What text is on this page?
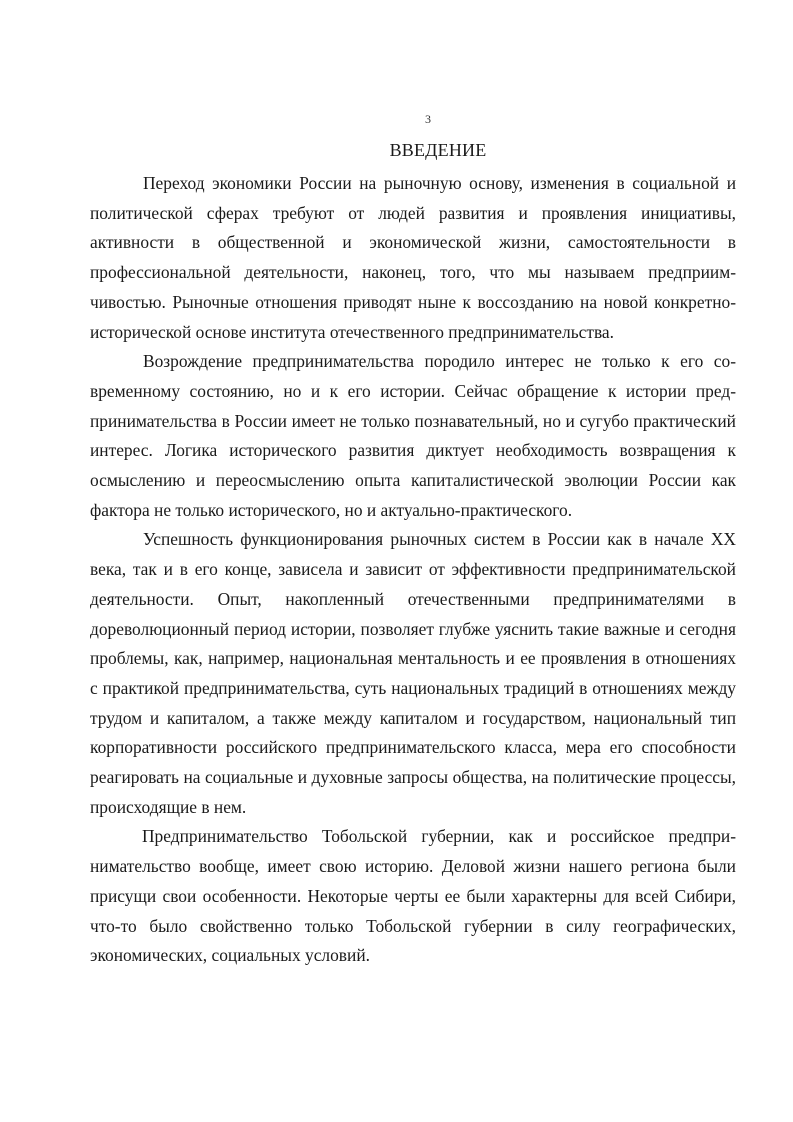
3
ВВЕДЕНИЕ

Переход экономики России на рыночную основу, изменения в социальной и политической сферах требуют от людей развития и проявления инициативы, активности в общественной и экономической жизни, самостоятельности в профессиональной деятельности, наконец, того, что мы называем предприимчивостью. Рыночные отношения приводят ныне к воссозданию на новой конкретно-исторической основе института отечественного предпринимательства.

Возрождение предпринимательства породило интерес не только к его современному состоянию, но и к его истории. Сейчас обращение к истории предпринимательства в России имеет не только познавательный, но и сугубо практический интерес. Логика исторического развития диктует необходимость возвращения к осмыслению и переосмыслению опыта капиталистической эволюции России как фактора не только исторического, но и актуально-практического.

Успешность функционирования рыночных систем в России как в начале XX века, так и в его конце, зависела и зависит от эффективности предпринимательской деятельности. Опыт, накопленный отечественными предпринимателями в дореволюционный период истории, позволяет глубже уяснить такие важные и сегодня проблемы, как, например, национальная ментальность и ее проявления в отношениях с практикой предпринимательства, суть национальных традиций в отношениях между трудом и капиталом, а также между капиталом и государством, национальный тип корпоративности российского предпринимательского класса, мера его способности реагировать на социальные и духовные запросы общества, на политические процессы, происходящие в нем.

Предпринимательство Тобольской губернии, как и российское предпринимательство вообще, имеет свою историю. Деловой жизни нашего региона были присущи свои особенности. Некоторые черты ее были характерны для всей Сибири, что-то было свойственно только Тобольской губернии в силу географических, экономических, социальных условий.
